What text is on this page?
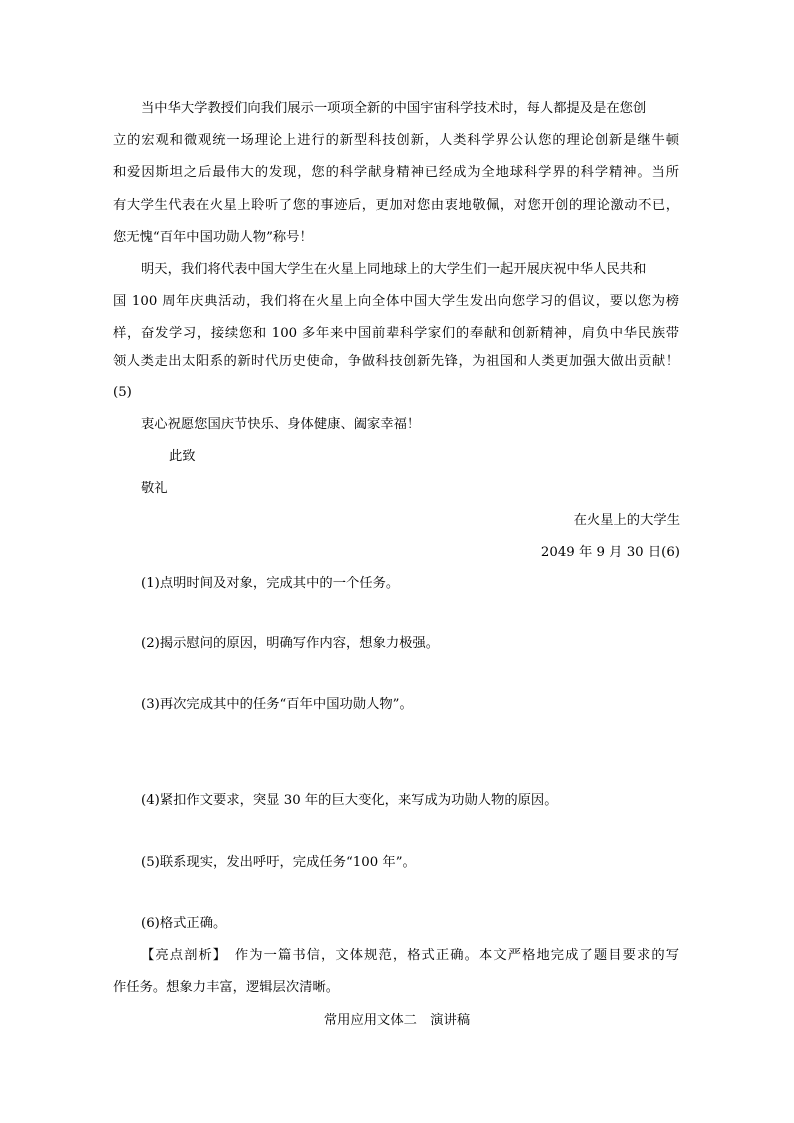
当中华大学教授们向我们展示一项项全新的中国宇宙科学技术时，每人都提及是在您创
立的宏观和微观统一场理论上进行的新型科技创新，人类科学界公认您的理论创新是继牛顿
和爱因斯坦之后最伟大的发现，您的科学献身精神已经成为全地球科学界的科学精神。当所
有大学生代表在火星上聆听了您的事迹后，更加对您由衷地敬佩，对您开创的理论激动不已，
您无愧“百年中国功勋人物”称号！
明天，我们将代表中国大学生在火星上同地球上的大学生们一起开展庆祝中华人民共和
国 100 周年庆典活动，我们将在火星上向全体中国大学生发出向您学习的倡议，要以您为榜
样，奋发学习，接续您和 100 多年来中国前辈科学家们的奉献和创新精神，肩负中华民族带
领人类走出太阳系的新时代历史使命，争做科技创新先锋，为祖国和人类更加强大做出贡献！
(5)
衷心祝愿您国庆节快乐、身体健康、阖家幸福！
此致
敬礼
在火星上的大学生
2049 年 9 月 30 日(6)
(1)点明时间及对象，完成其中的一个任务。
(2)揭示慰问的原因，明确写作内容，想象力极强。
(3)再次完成其中的任务“百年中国功勋人物”。
(4)紧扣作文要求，突显 30 年的巨大变化，来写成为功勋人物的原因。
(5)联系现实，发出呼吁，完成任务“100 年”。
(6)格式正确。
【亮点剖析】　作为一篇书信，文体规范，格式正确。本文严格地完成了题目要求的写
作任务。想象力丰富，逻辑层次清晰。
常用应用文体二　演讲稿
